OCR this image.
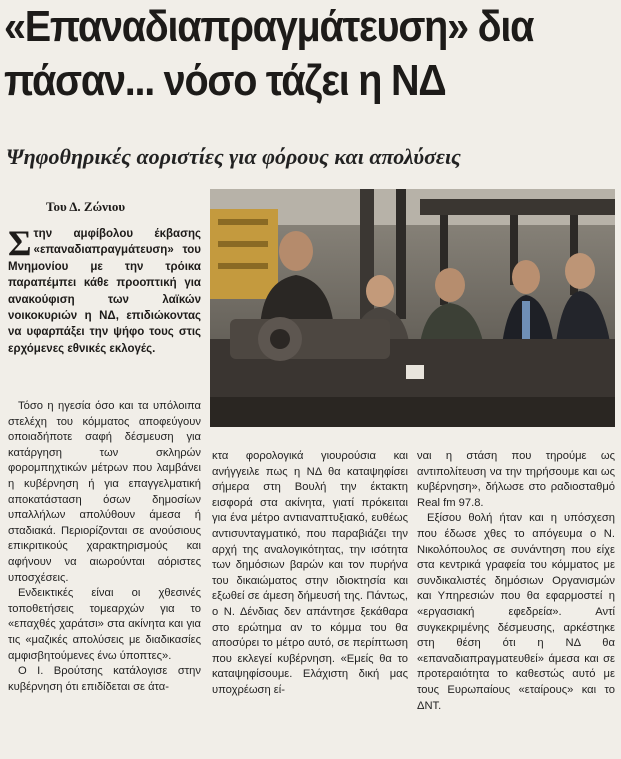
«Επαναδιαπραγμάτευση» δια
πάσαν... νόσο τάζει η ΝΔ
Ψηφοθηρικές αοριστίες για φόρους και απολύσεις
Του Δ. Ζώνιου
Σ την αμφίβολου έκβασης «επαναδιαπραγμάτευση» του Μνημονίου με την τρόικα παραπέμπει κάθε προοπτική για ανακούφιση των λαϊκών νοικοκυριών η ΝΔ, επιδιώκοντας να υφαρπάξει την ψήφο τους στις ερχόμενες εθνικές εκλογές.

Τόσο η ηγεσία όσο και τα υπόλοιπα στελέχη του κόμματος αποφεύγουν οποιαδήποτε σαφή δέσμευση για κατάργηση των σκληρών φορομπηχτικών μέτρων που λαμβάνει η κυβέρνηση ή για επαγγελματική αποκατάσταση όσων δημοσίων υπαλλήλων απολύθουν άμεσα ή σταδιακά. Περιορίζονται σε ανούσιους επικριτικούς χαρακτηρισμούς και αφήνουν να αιωρούνται αόριστες υποσχέσεις.

Ενδεικτικές είναι οι χθεσινές τοποθετήσεις τομεαρχών για το «επαχθές χαράτσι» στα ακίνητα και για τις «μαζικές απολύσεις με διαδικασίες αμφισβητούμενες ένω ύποπτες».

Ο Ι. Βρούτσης κατάλογισε στην κυβέρνηση ότι επιδίδεται σε άτα-

κτα φορολογικά γιουρούσια και ανήγγειλε πως η ΝΔ θα καταψηφίσει σήμερα στη Βουλή την έκτακτη εισφορά στα ακίνητα, γιατί πρόκειται για ένα μέτρο αντιαναπτυξιακό, ευθέως αντισυνταγματικό, που παραβιάζει την αρχή της αναλογικότητας, την ισότητα των δημόσιων βαρών και τον πυρήνα του δικαιώματος στην ιδιοκτησία και εξωθεί σε άμεση δήμευσή της. Πάντως, ο Ν. Δένδιας δεν απάντησε ξεκάθαρα στο ερώτημα αν το κόμμα του θα αποσύρει το μέτρο αυτό, σε περίπτωση που εκλεγεί κυβέρνηση. «Εμείς θα το καταψηφίσουμε. Ελάχιστη δική μας υποχρέωση εί-

ναι η στάση που τηρούμε ως αντιπολίτευση να την τηρήσουμε και ως κυβέρνηση», δήλωσε στο ραδιοσταθμό Real fm 97.8.

Εξίσου θολή ήταν και η υπόσχεση που έδωσε χθες το απόγευμα ο Ν. Νικολόπουλος σε συνάντηση που είχε στα κεντρικά γραφεία του κόμματος με συνδικαλιστές δημόσιων Οργανισμών και Υπηρεσιών που θα εφαρμοστεί η «εργασιακή εφεδρεία». Αντί συγκεκριμένης δέσμευσης, αρκέστηκε στη θέση ότι η ΝΔ θα «επαναδιαπραγματευθεί» άμεσα και σε προτεραιότητα το καθεστώς αυτό με τους Ευρωπαίους «εταίρους» και το ΔΝΤ.
